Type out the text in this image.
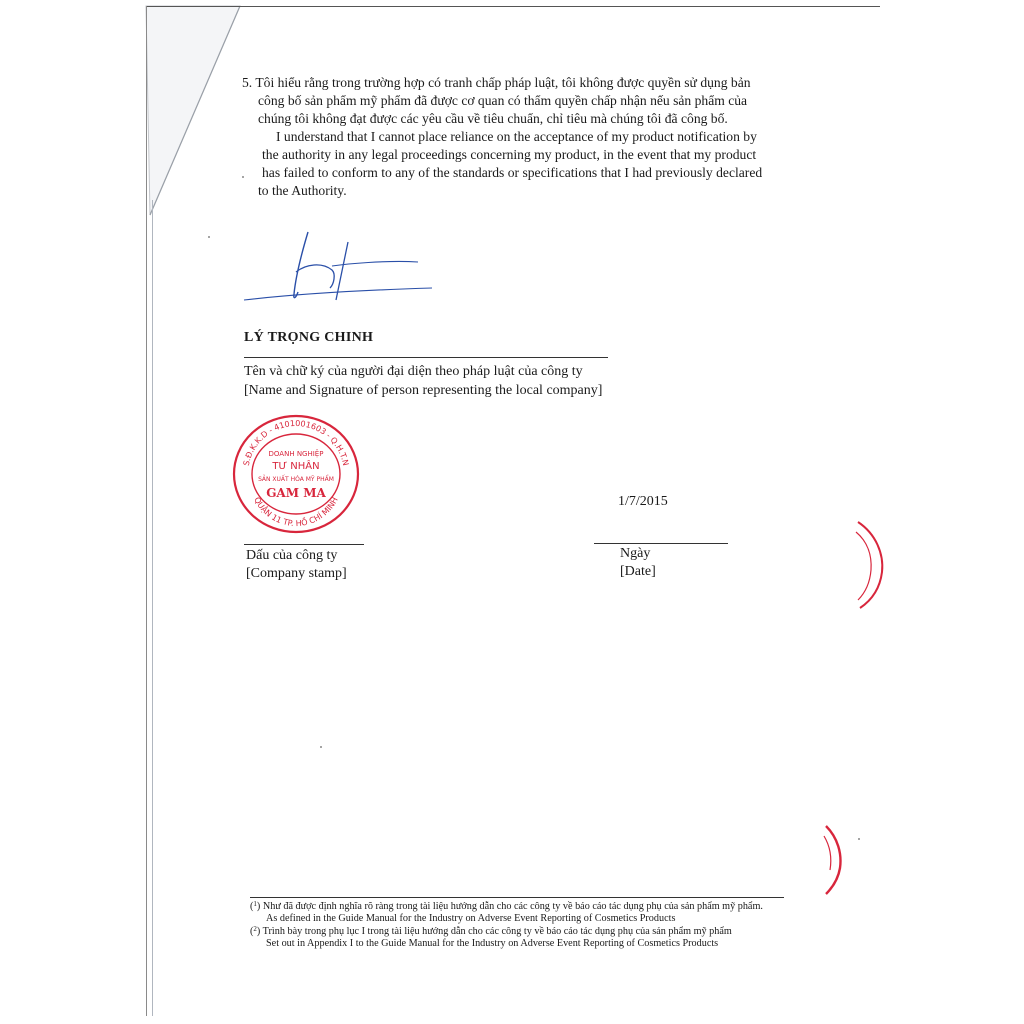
5. Tôi hiểu rằng trong trường hợp có tranh chấp pháp luật, tôi không được quyền sử dụng bản
công bố sản phẩm mỹ phẩm đã được cơ quan có thẩm quyền chấp nhận nếu sản phẩm của
chúng tôi không đạt được các yêu cầu về tiêu chuẩn, chỉ tiêu mà chúng tôi đã công bố.
I understand that I cannot place reliance on the acceptance of my product notification by
the authority in any legal proceedings concerning my product, in the event that my product
has failed to conform to any of the standards or specifications that I had previously declared
to the Authority.
LÝ TRỌNG CHINH
Tên và chữ ký của người đại diện theo pháp luật của công ty
[Name and Signature of person representing the local company]
S.Đ.K.K.D - 4101001603 - Q.H.T.N
QUẬN 11 TP. HỒ CHÍ MINH
DOANH NGHIỆP
TƯ NHÂN
SẢN XUẤT HÓA MỸ PHẨM
GAM MA
1/7/2015
Dấu của công ty
[Company stamp]
Ngày
[Date]
($^1$) Như đã được định nghĩa rõ ràng trong tài liệu hướng dẫn cho các công ty về báo cáo tác dụng phụ của sản phẩm mỹ phẩm.
As defined in the Guide Manual for the Industry on Adverse Event Reporting of Cosmetics Products
($^2$) Trình bày trong phụ lục I trong tài liệu hướng dẫn cho các công ty về báo cáo tác dụng phụ của sản phẩm mỹ phẩm
Set out in Appendix I to the Guide Manual for the Industry on Adverse Event Reporting of Cosmetics Products
